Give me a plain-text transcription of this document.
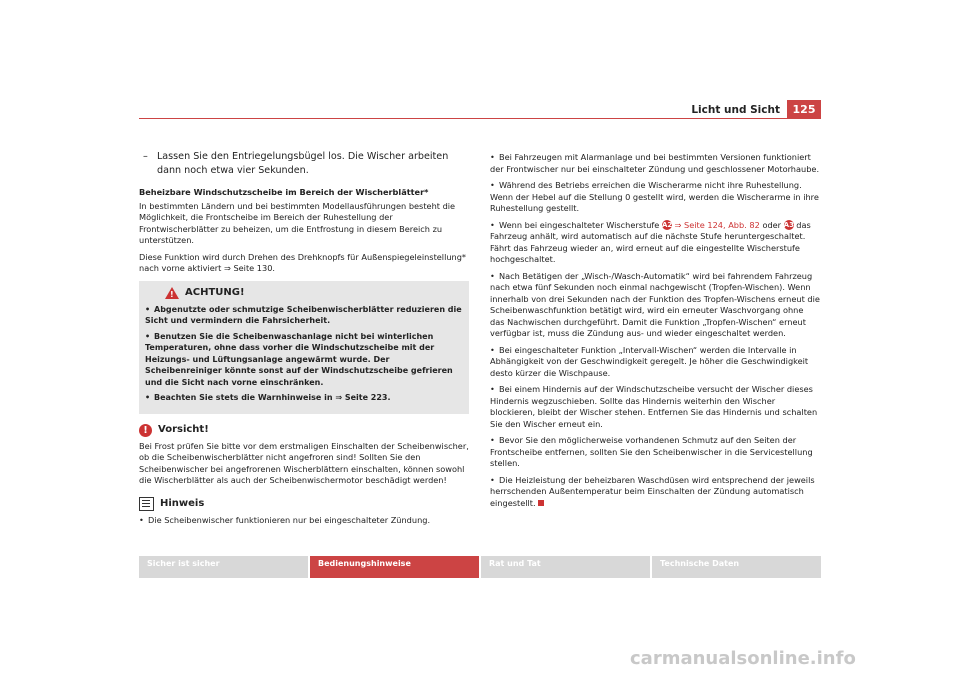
Licht und Sicht	125

–   Lassen Sie den Entriegelungsbügel los. Die Wischer arbeiten dann noch etwa vier Sekunden.

Beheizbare Windschutzscheibe im Bereich der Wischerblätter*

In bestimmten Ländern und bei bestimmten Modellausführungen besteht die Möglichkeit, die Frontscheibe im Bereich der Ruhestellung der Frontwischerblätter zu beheizen, um die Entfrostung in diesem Bereich zu unterstützen.

Diese Funktion wird durch Drehen des Drehknopfs für Außenspiegeleinstellung* nach vorne aktiviert ⇒ Seite 130.

!
ACHTUNG!

• Abgenutzte oder schmutzige Scheibenwischerblätter reduzieren die Sicht und vermindern die Fahrsicherheit.

• Benutzen Sie die Scheibenwaschanlage nicht bei winterlichen Temperaturen, ohne dass vorher die Windschutzscheibe mit der Heizungs- und Lüftungsanlage angewärmt wurde. Der Scheibenreiniger könnte sonst auf der Windschutzscheibe gefrieren und die Sicht nach vorne einschränken.

• Beachten Sie stets die Warnhinweise in ⇒ Seite 223.

!	Vorsicht!

Bei Frost prüfen Sie bitte vor dem erstmaligen Einschalten der Scheibenwischer, ob die Scheibenwischerblätter nicht angefroren sind! Sollten Sie den Scheibenwischer bei angefrorenen Wischerblättern einschalten, können sowohl die Wischerblätter als auch der Scheibenwischermotor beschädigt werden!

Hinweis

• Die Scheibenwischer funktionieren nur bei eingeschalteter Zündung.

• Bei Fahrzeugen mit Alarmanlage und bei bestimmten Versionen funktioniert der Frontwischer nur bei einschalteter Zündung und geschlossener Motorhaube.

• Während des Betriebs erreichen die Wischerarme nicht ihre Ruhestellung. Wenn der Hebel auf die Stellung 0 gestellt wird, werden die Wischerarme in ihre Ruhestellung gestellt.

• Wenn bei eingeschalteter Wischerstufe A2 ⇒ Seite 124, Abb. 82 oder A3 das Fahrzeug anhält, wird automatisch auf die nächste Stufe heruntergeschaltet. Fährt das Fahrzeug wieder an, wird erneut auf die eingestellte Wischerstufe hochgeschaltet.

• Nach Betätigen der „Wisch-/Wasch-Automatik“ wird bei fahrendem Fahrzeug nach etwa fünf Sekunden noch einmal nachgewischt (Tropfen-Wischen). Wenn innerhalb von drei Sekunden nach der Funktion des Tropfen-Wischens erneut die Scheibenwaschfunktion betätigt wird, wird ein erneuter Waschvorgang ohne das Nachwischen durchgeführt. Damit die Funktion „Tropfen-Wischen“ erneut verfügbar ist, muss die Zündung aus- und wieder eingeschaltet werden.

• Bei eingeschalteter Funktion „Intervall-Wischen“ werden die Intervalle in Abhängigkeit von der Geschwindigkeit geregelt. Je höher die Geschwindigkeit desto kürzer die Wischpause.

• Bei einem Hindernis auf der Windschutzscheibe versucht der Wischer dieses Hindernis wegzuschieben. Sollte das Hindernis weiterhin den Wischer blockieren, bleibt der Wischer stehen. Entfernen Sie das Hindernis und schalten Sie den Wischer erneut ein.

• Bevor Sie den möglicherweise vorhandenen Schmutz auf den Seiten der Frontscheibe entfernen, sollten Sie den Scheibenwischer in die Servicestellung stellen.

• Die Heizleistung der beheizbaren Waschdüsen wird entsprechend der jeweils herrschenden Außentemperatur beim Einschalten der Zündung automatisch eingestellt.

Sicher ist sicher	Bedienungshinweise	Rat und Tat	Technische Daten
carmanualsonline.info
